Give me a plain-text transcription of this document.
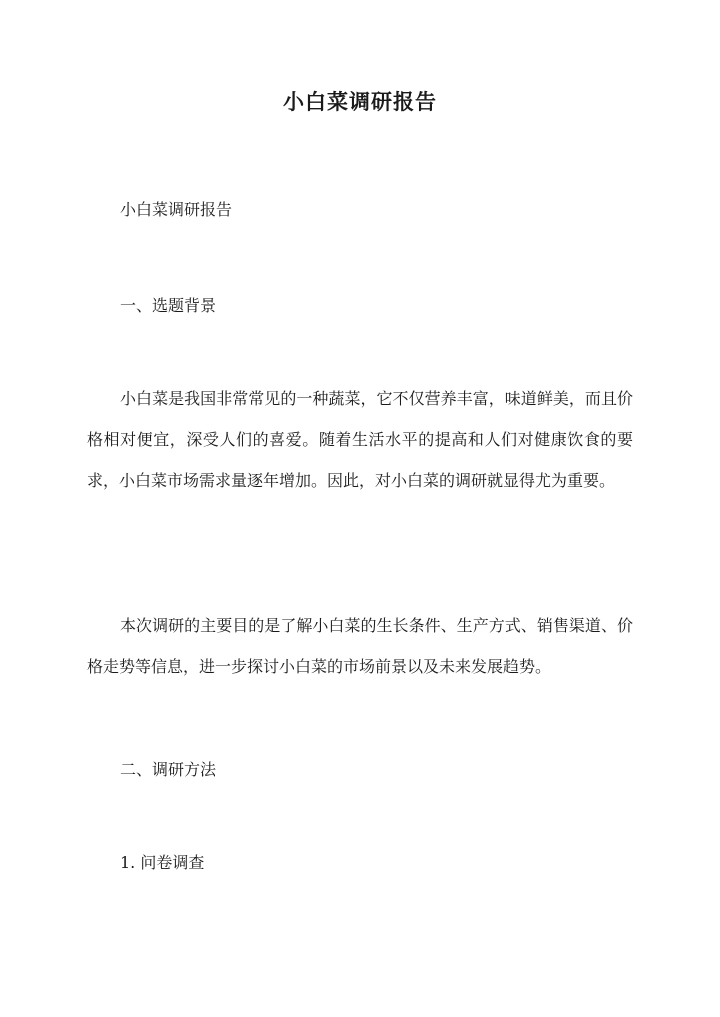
小白菜调研报告

小白菜调研报告

一、选题背景

小白菜是我国非常常见的一种蔬菜，它不仅营养丰富，味道鲜美，而且价格相对便宜，深受人们的喜爱。随着生活水平的提高和人们对健康饮食的要求，小白菜市场需求量逐年增加。因此，对小白菜的调研就显得尤为重要。

本次调研的主要目的是了解小白菜的生长条件、生产方式、销售渠道、价格走势等信息，进一步探讨小白菜的市场前景以及未来发展趋势。

二、调研方法

1. 问卷调查
